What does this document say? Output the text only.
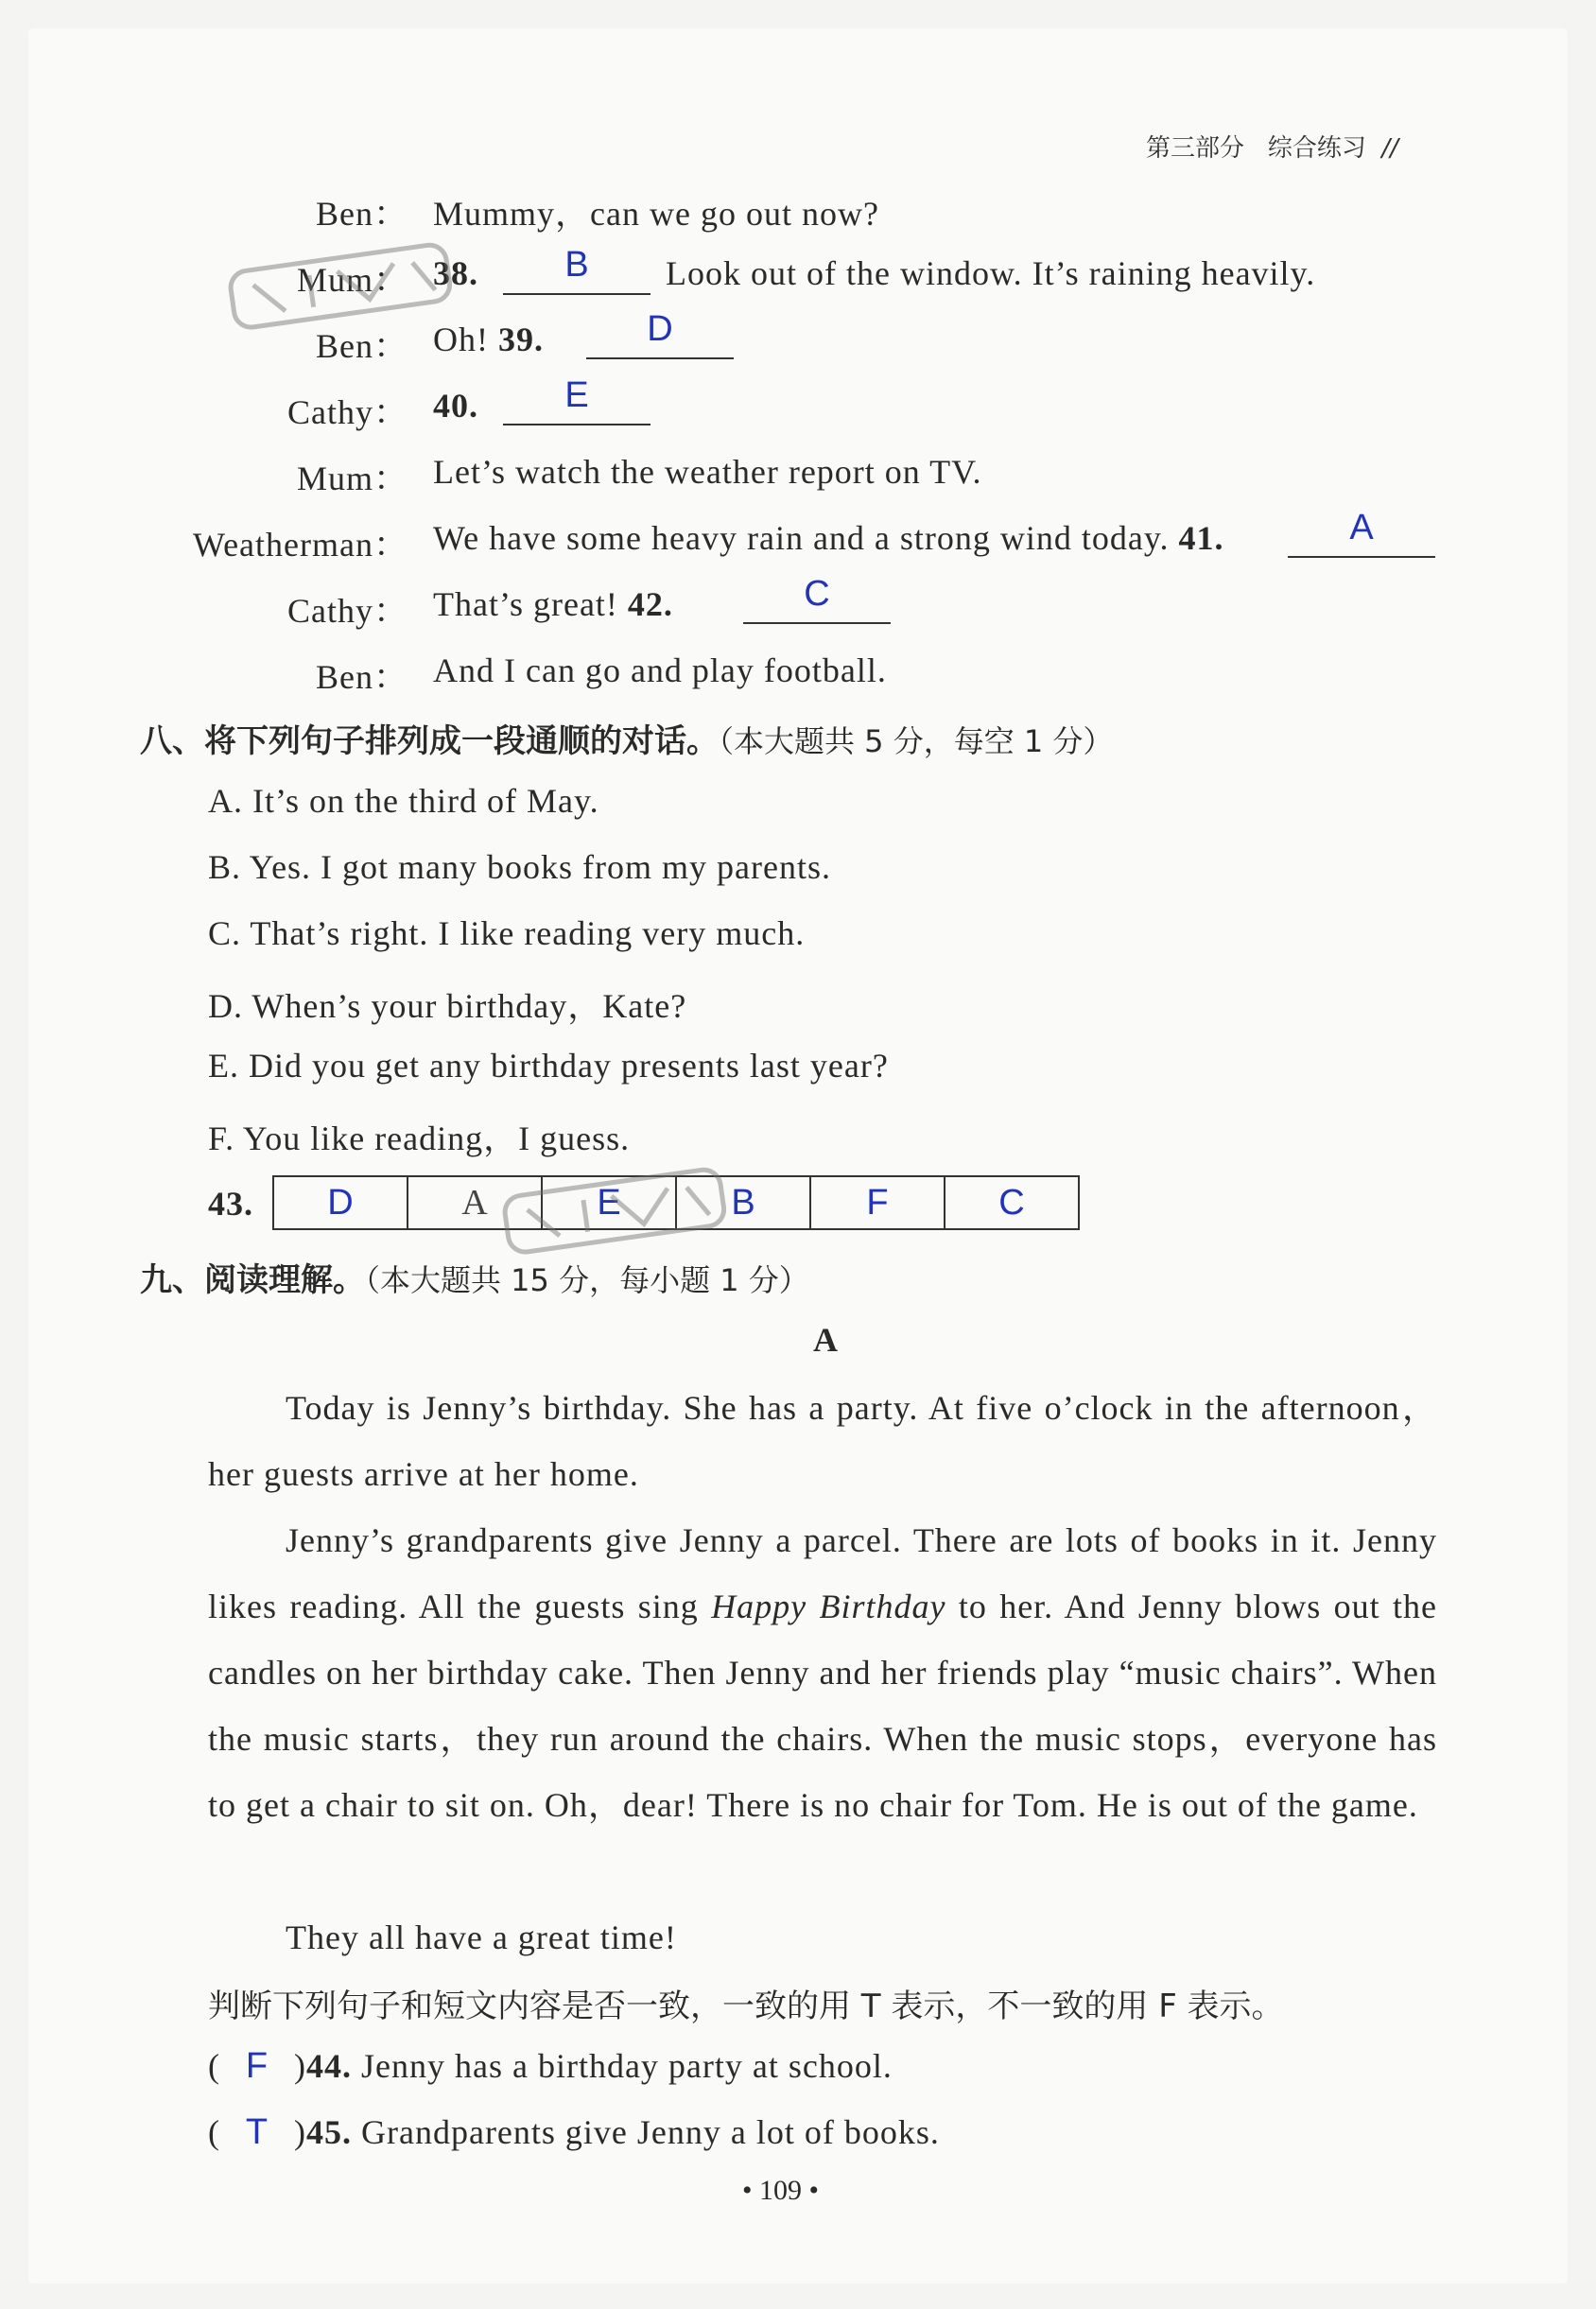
第三部分 综合练习 //
Ben： Mummy，can we go out now?
Mum： 38.	B	Look out of the window. It’s raining heavily.
Ben： Oh! 39.	D
Cathy： 40.	E
Mum： Let’s watch the weather report on TV.
Weatherman： We have some heavy rain and a strong wind today. 41.	A
Cathy： That’s great! 42.	C
Ben： And I can go and play football.
八、将下列句子排列成一段通顺的对话。（本大题共 5 分，每空 1 分）
A. It’s on the third of May.
B. Yes. I got many books from my parents.
C. That’s right. I like reading very much.
D. When’s your birthday，Kate?
E. Did you get any birthday presents last year?
F. You like reading，I guess.
43. D	A	E	B	F	C
九、阅读理解。（本大题共 15 分，每小题 1 分）
A
Today is Jenny’s birthday. She has a party. At five o’clock in the afternoon，her guests arrive at her home.
Jenny’s grandparents give Jenny a parcel. There are lots of books in it. Jenny likes reading. All the guests sing Happy Birthday to her. And Jenny blows out the candles on her birthday cake. Then Jenny and her friends play “music chairs”. When the music starts，they run around the chairs. When the music stops，everyone has to get a chair to sit on. Oh，dear! There is no chair for Tom. He is out of the game.
They all have a great time!
判断下列句子和短文内容是否一致，一致的用 T 表示，不一致的用 F 表示。
( F )44. Jenny has a birthday party at school.
( T )45. Grandparents give Jenny a lot of books.
• 109 •
